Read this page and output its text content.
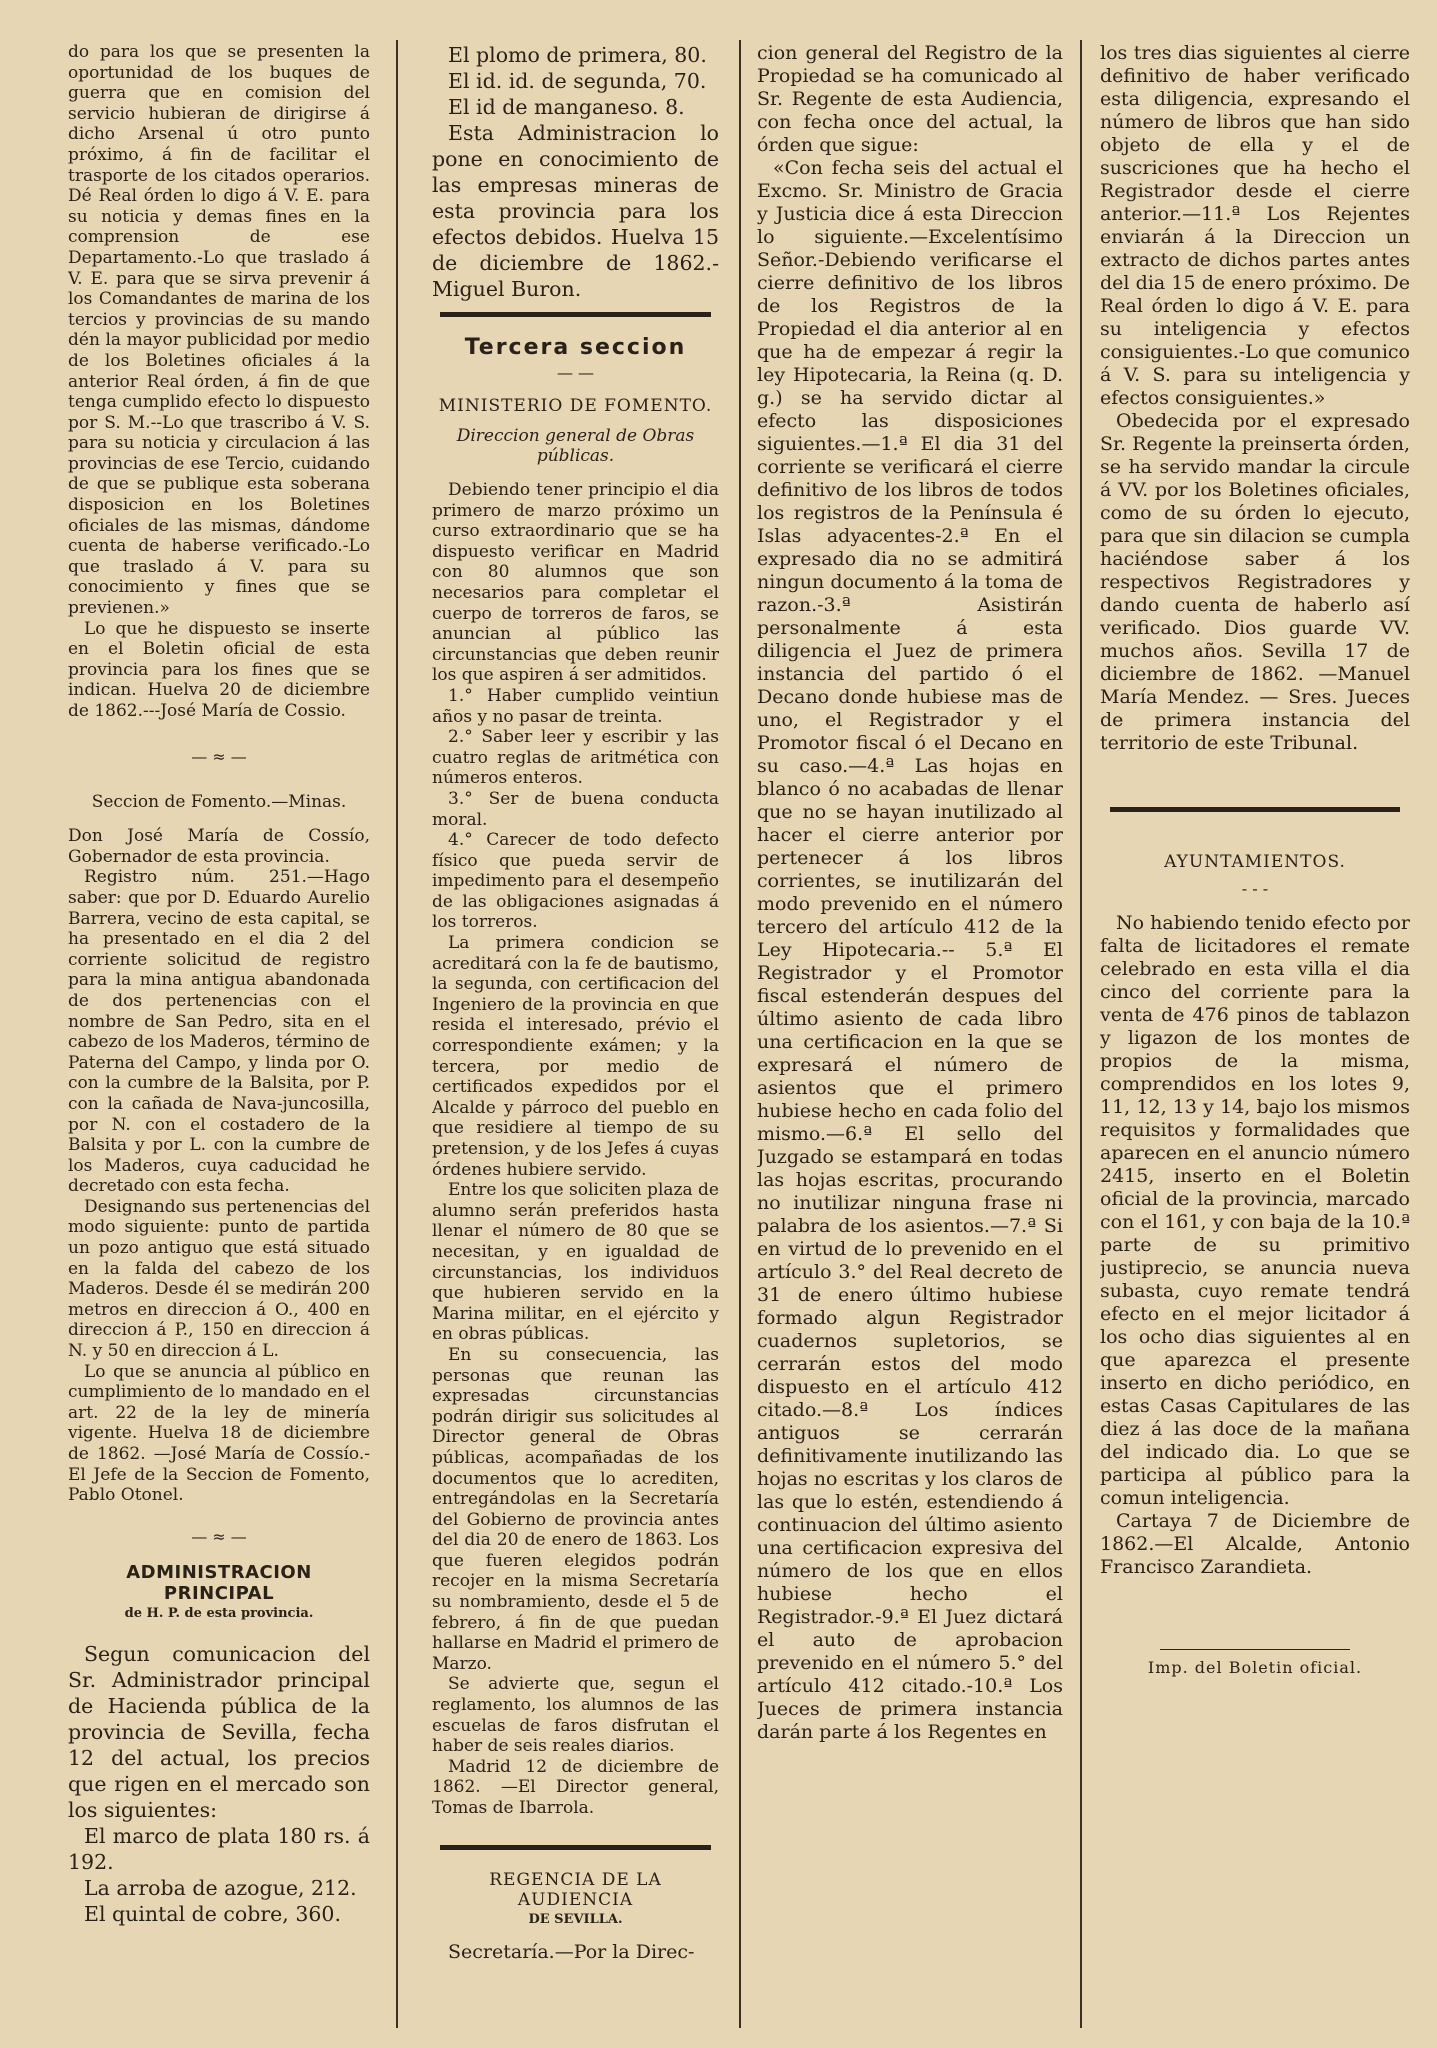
do para los que se presenten la oportunidad de los buques de guerra que en comision del servicio hubieran de dirigirse á dicho Arsenal ú otro punto próximo, á fin de facilitar el trasporte de los citados operarios. Dé Real órden lo digo á V. E. para su noticia y demas fines en la comprension de ese Departamento.-Lo que traslado á V. E. para que se sirva prevenir á los Comandantes de marina de los tercios y provincias de su mando dén la mayor publicidad por medio de los Boletines oficiales á la anterior Real órden, á fin de que tenga cumplido efecto lo dispuesto por S. M.--Lo que trascribo á V. S. para su noticia y circulacion á las provincias de ese Tercio, cuidando de que se publique esta soberana disposicion en los Boletines oficiales de las mismas, dándome cuenta de haberse verificado.-Lo que traslado á V. para su conocimiento y fines que se previenen.»

Lo que he dispuesto se inserte en el Boletin oficial de esta provincia para los fines que se indican. Huelva 20 de diciembre de 1862.---José María de Cossio.

— ≈ —

Seccion de Fomento.—Minas.

Don José María de Cossío, Gobernador de esta provincia.

Registro núm. 251.—Hago saber: que por D. Eduardo Aurelio Barrera, vecino de esta capital, se ha presentado en el dia 2 del corriente solicitud de registro para la mina antigua abandonada de dos pertenencias con el nombre de San Pedro, sita en el cabezo de los Maderos, término de Paterna del Campo, y linda por O. con la cumbre de la Balsita, por P. con la cañada de Nava-juncosilla, por N. con el costadero de la Balsita y por L. con la cumbre de los Maderos, cuya caducidad he decretado con esta fecha.

Designando sus pertenencias del modo siguiente: punto de partida un pozo antiguo que está situado en la falda del cabezo de los Maderos. Desde él se medirán 200 metros en direccion á O., 400 en direccion á P., 150 en direccion á N. y 50 en direccion á L.

Lo que se anuncia al público en cumplimiento de lo mandado en el art. 22 de la ley de minería vigente. Huelva 18 de diciembre de 1862. —José María de Cossío.-El Jefe de la Seccion de Fomento, Pablo Otonel.

— ≈ —
ADMINISTRACION PRINCIPAL
de H. P. de esta provincia.

Segun comunicacion del Sr. Administrador principal de Hacienda pública de la provincia de Sevilla, fecha 12 del actual, los precios que rigen en el mercado son los siguientes:

El marco de plata 180 rs. á 192.

La arroba de azogue, 212.

El quintal de cobre, 360.

El plomo de primera, 80.

El id. id. de segunda, 70.

El id de manganeso. 8.

Esta Administracion lo pone en conocimiento de las empresas mineras de esta provincia para los efectos debidos. Huelva 15 de diciembre de 1862.-Miguel Buron.

Tercera seccion
— —
MINISTERIO DE FOMENTO.
Direccion general de Obras públicas.

Debiendo tener principio el dia primero de marzo próximo un curso extraordinario que se ha dispuesto verificar en Madrid con 80 alumnos que son necesarios para completar el cuerpo de torreros de faros, se anuncian al público las circunstancias que deben reunir los que aspiren á ser admitidos.

1.° Haber cumplido veintiun años y no pasar de treinta.

2.° Saber leer y escribir y las cuatro reglas de aritmética con números enteros.

3.° Ser de buena conducta moral.

4.° Carecer de todo defecto físico que pueda servir de impedimento para el desempeño de las obligaciones asignadas á los torreros.

La primera condicion se acreditará con la fe de bautismo, la segunda, con certificacion del Ingeniero de la provincia en que resida el interesado, prévio el correspondiente exámen; y la tercera, por medio de certificados expedidos por el Alcalde y párroco del pueblo en que residiere al tiempo de su pretension, y de los Jefes á cuyas órdenes hubiere servido.

Entre los que soliciten plaza de alumno serán preferidos hasta llenar el número de 80 que se necesitan, y en igualdad de circunstancias, los individuos que hubieren servido en la Marina militar, en el ejército y en obras públicas.

En su consecuencia, las personas que reunan las expresadas circunstancias podrán dirigir sus solicitudes al Director general de Obras públicas, acompañadas de los documentos que lo acrediten, entregándolas en la Secretaría del Gobierno de provincia antes del dia 20 de enero de 1863. Los que fueren elegidos podrán recojer en la misma Secretaría su nombramiento, desde el 5 de febrero, á fin de que puedan hallarse en Madrid el primero de Marzo.

Se advierte que, segun el reglamento, los alumnos de las escuelas de faros disfrutan el haber de seis reales diarios.

Madrid 12 de diciembre de 1862. —El Director general, Tomas de Ibarrola.

REGENCIA DE LA AUDIENCIA
DE SEVILLA.

Secretaría.—Por la Direc-

cion general del Registro de la Propiedad se ha comunicado al Sr. Regente de esta Audiencia, con fecha once del actual, la órden que sigue:

«Con fecha seis del actual el Excmo. Sr. Ministro de Gracia y Justicia dice á esta Direccion lo siguiente.—Excelentísimo Señor.-Debiendo verificarse el cierre definitivo de los libros de los Registros de la Propiedad el dia anterior al en que ha de empezar á regir la ley Hipotecaria, la Reina (q. D. g.) se ha servido dictar al efecto las disposiciones siguientes.—1.ª El dia 31 del corriente se verificará el cierre definitivo de los libros de todos los registros de la Península é Islas adyacentes-2.ª En el expresado dia no se admitirá ningun documento á la toma de razon.-3.ª Asistirán personalmente á esta diligencia el Juez de primera instancia del partido ó el Decano donde hubiese mas de uno, el Registrador y el Promotor fiscal ó el Decano en su caso.—4.ª Las hojas en blanco ó no acabadas de llenar que no se hayan inutilizado al hacer el cierre anterior por pertenecer á los libros corrientes, se inutilizarán del modo prevenido en el número tercero del artículo 412 de la Ley Hipotecaria.-- 5.ª El Registrador y el Promotor fiscal estenderán despues del último asiento de cada libro una certificacion en la que se expresará el número de asientos que el primero hubiese hecho en cada folio del mismo.—6.ª El sello del Juzgado se estampará en todas las hojas escritas, procurando no inutilizar ninguna frase ni palabra de los asientos.—7.ª Si en virtud de lo prevenido en el artículo 3.° del Real decreto de 31 de enero último hubiese formado algun Registrador cuadernos supletorios, se cerrarán estos del modo dispuesto en el artículo 412 citado.—8.ª Los índices antiguos se cerrarán definitivamente inutilizando las hojas no escritas y los claros de las que lo estén, estendiendo á continuacion del último asiento una certificacion expresiva del número de los que en ellos hubiese hecho el Registrador.-9.ª El Juez dictará el auto de aprobacion prevenido en el número 5.° del artículo 412 citado.-10.ª Los Jueces de primera instancia darán parte á los Regentes en

los tres dias siguientes al cierre definitivo de haber verificado esta diligencia, expresando el número de libros que han sido objeto de ella y el de suscriciones que ha hecho el Registrador desde el cierre anterior.—11.ª Los Rejentes enviarán á la Direccion un extracto de dichos partes antes del dia 15 de enero próximo. De Real órden lo digo á V. E. para su inteligencia y efectos consiguientes.-Lo que comunico á V. S. para su inteligencia y efectos consiguientes.»

Obedecida por el expresado Sr. Regente la preinserta órden, se ha servido mandar la circule á VV. por los Boletines oficiales, como de su órden lo ejecuto, para que sin dilacion se cumpla haciéndose saber á los respectivos Registradores y dando cuenta de haberlo así verificado. Dios guarde VV. muchos años. Sevilla 17 de diciembre de 1862. —Manuel María Mendez. — Sres. Jueces de primera instancia del territorio de este Tribunal.

AYUNTAMIENTOS.
- - -

No habiendo tenido efecto por falta de licitadores el remate celebrado en esta villa el dia cinco del corriente para la venta de 476 pinos de tablazon y ligazon de los montes de propios de la misma, comprendidos en los lotes 9, 11, 12, 13 y 14, bajo los mismos requisitos y formalidades que aparecen en el anuncio número 2415, inserto en el Boletin oficial de la provincia, marcado con el 161, y con baja de la 10.ª parte de su primitivo justiprecio, se anuncia nueva subasta, cuyo remate tendrá efecto en el mejor licitador á los ocho dias siguientes al en que aparezca el presente inserto en dicho periódico, en estas Casas Capitulares de las diez á las doce de la mañana del indicado dia. Lo que se participa al público para la comun inteligencia.

Cartaya 7 de Diciembre de 1862.—El Alcalde, Antonio Francisco Zarandieta.

Imp. del Boletin oficial.
